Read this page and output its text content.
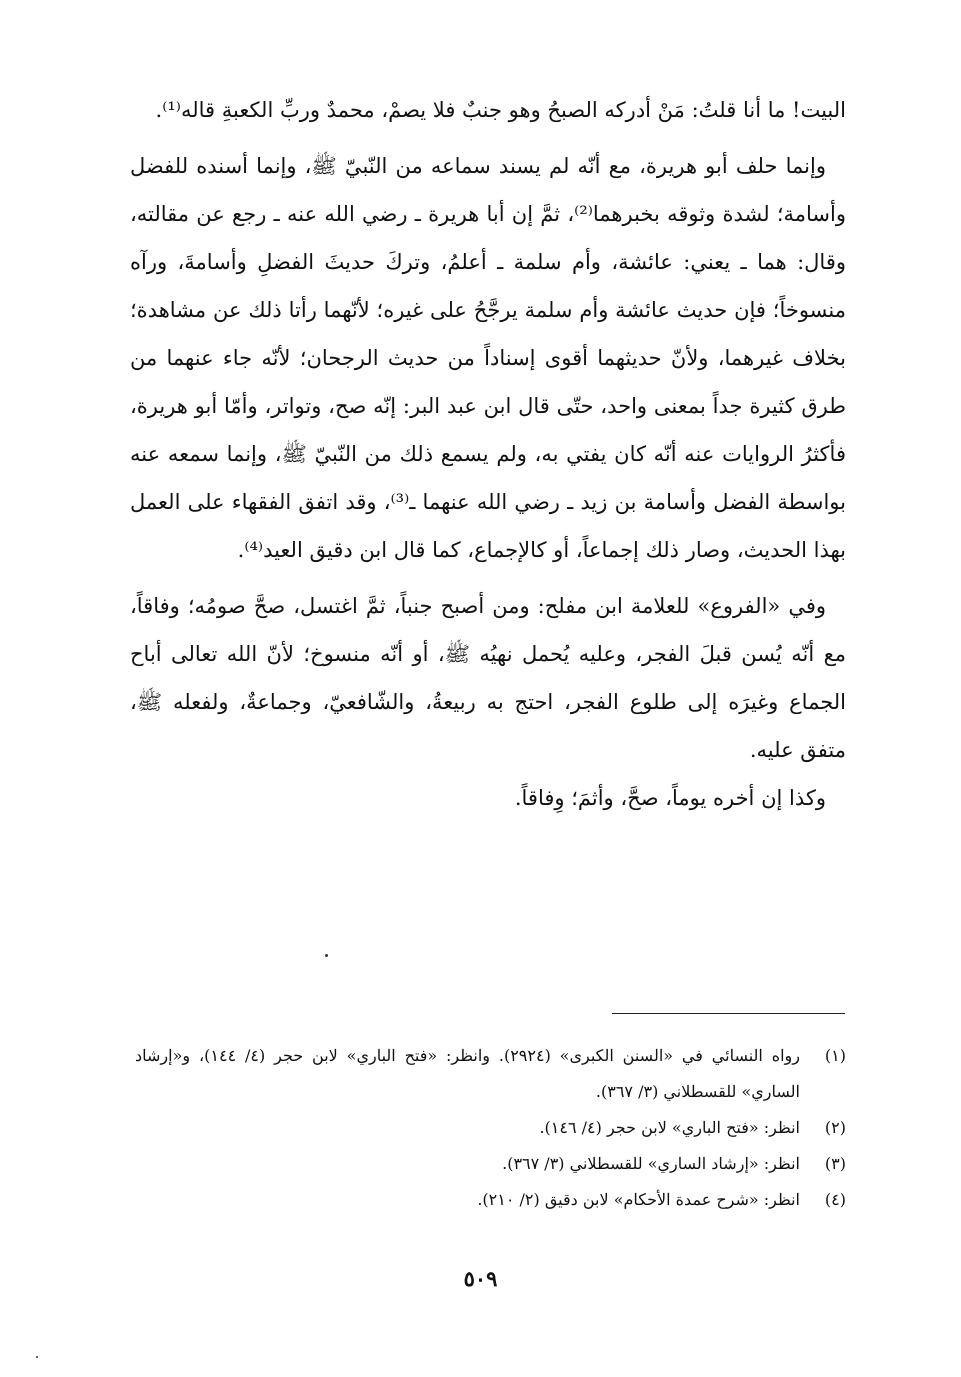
البيت! ما أنا قلتُ: مَنْ أدركه الصبحُ وهو جنبٌ فلا يصمْ، محمدٌ وربِّ الكعبةِ قاله⁽¹⁾.

وإنما حلف أبو هريرة، مع أنّه لم يسند سماعه من النّبيّ ﷺ، وإنما أسنده للفضل وأسامة؛ لشدة وثوقه بخبرهما⁽²⁾، ثمَّ إن أبا هريرة ـ رضي الله عنه ـ رجع عن مقالته، وقال: هما ـ يعني: عائشة، وأم سلمة ـ أعلمُ، وتركَ حديثَ الفضلِ وأسامةَ، ورآه منسوخاً؛ فإن حديث عائشة وأم سلمة يرجَّحُ على غيره؛ لأنّهما رأتا ذلك عن مشاهدة؛ بخلاف غيرهما، ولأنّ حديثهما أقوى إسناداً من حديث الرجحان؛ لأنّه جاء عنهما من طرق كثيرة جداً بمعنى واحد، حتّى قال ابن عبد البر: إنّه صح، وتواتر، وأمّا أبو هريرة، فأكثرُ الروايات عنه أنّه كان يفتي به، ولم يسمع ذلك من النّبيّ ﷺ، وإنما سمعه عنه بواسطة الفضل وأسامة بن زيد ـ رضي الله عنهما ـ⁽³⁾، وقد اتفق الفقهاء على العمل بهذا الحديث، وصار ذلك إجماعاً، أو كالإجماع، كما قال ابن دقيق العيد⁽⁴⁾.

وفي «الفروع» للعلامة ابن مفلح: ومن أصبح جنباً، ثمَّ اغتسل، صحَّ صومُه؛ وفاقاً، مع أنّه يُسن قبلَ الفجر، وعليه يُحمل نهيُه ﷺ، أو أنّه منسوخ؛ لأنّ الله تعالى أباح الجماع وغيرَه إلى طلوع الفجر، احتج به ربيعةُ، والشّافعيّ، وجماعةٌ، ولفعله ﷺ، متفق عليه.

وكذا إن أخره يوماً، صحَّ، وأثمَ؛ وِفاقاً.

(١)
رواه النسائي في «السنن الكبرى» (٢٩٢٤). وانظر: «فتح الباري» لابن حجر (٤/ ١٤٤)، و«إرشاد الساري» للقسطلاني (٣/ ٣٦٧).
(٢)
انظر: «فتح الباري» لابن حجر (٤/ ١٤٦).
(٣)
انظر: «إرشاد الساري» للقسطلاني (٣/ ٣٦٧).
(٤)
انظر: «شرح عمدة الأحكام» لابن دقيق (٢/ ٢١٠).
٥٠٩
